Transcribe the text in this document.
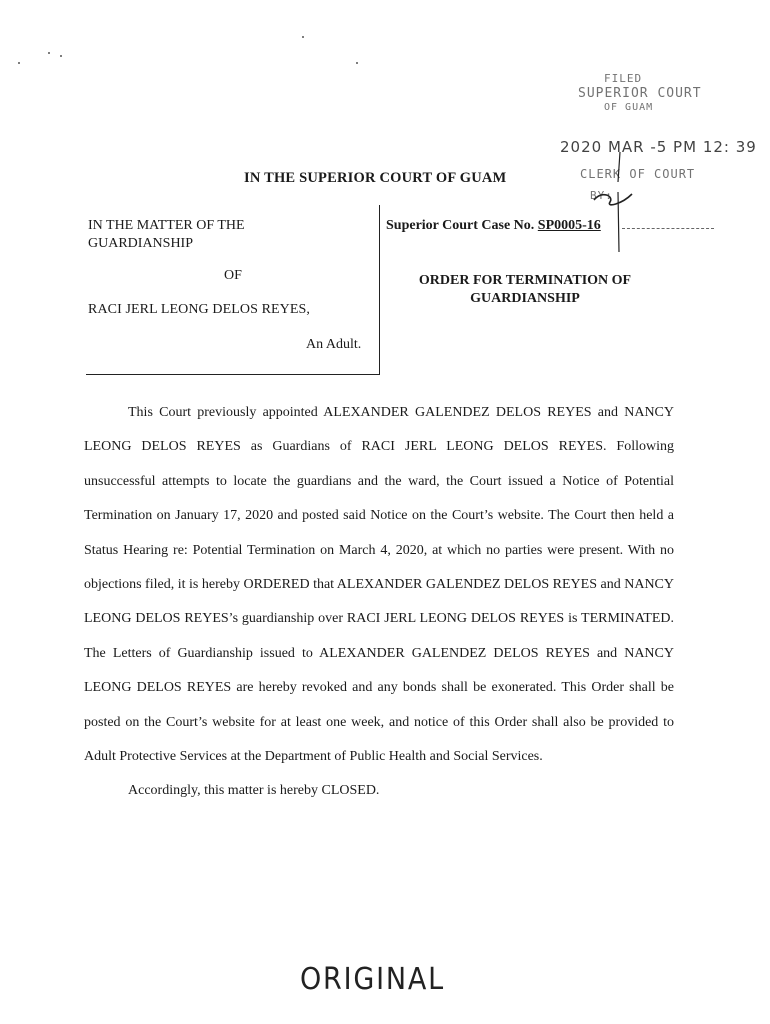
FILED
SUPERIOR COURT
OF GUAM
2020 MAR -5 PM 12: 39
CLERK OF COURT
BY:
IN THE SUPERIOR COURT OF GUAM
IN THE MATTER OF THE GUARDIANSHIP
OF
RACI JERL LEONG DELOS REYES,
An Adult.
Superior Court Case No. SP0005-16
ORDER FOR TERMINATION OF GUARDIANSHIP

This Court previously appointed ALEXANDER GALENDEZ DELOS REYES and NANCY LEONG DELOS REYES as Guardians of RACI JERL LEONG DELOS REYES. Following unsuccessful attempts to locate the guardians and the ward, the Court issued a Notice of Potential Termination on January 17, 2020 and posted said Notice on the Court’s website. The Court then held a Status Hearing re: Potential Termination on March 4, 2020, at which no parties were present. With no objections filed, it is hereby ORDERED that ALEXANDER GALENDEZ DELOS REYES and NANCY LEONG DELOS REYES’s guardianship over RACI JERL LEONG DELOS REYES is TERMINATED. The Letters of Guardianship issued to ALEXANDER GALENDEZ DELOS REYES and NANCY LEONG DELOS REYES are hereby revoked and any bonds shall be exonerated. This Order shall be posted on the Court’s website for at least one week, and notice of this Order shall also be provided to Adult Protective Services at the Department of Public Health and Social Services.

Accordingly, this matter is hereby CLOSED.

ORIGINAL
